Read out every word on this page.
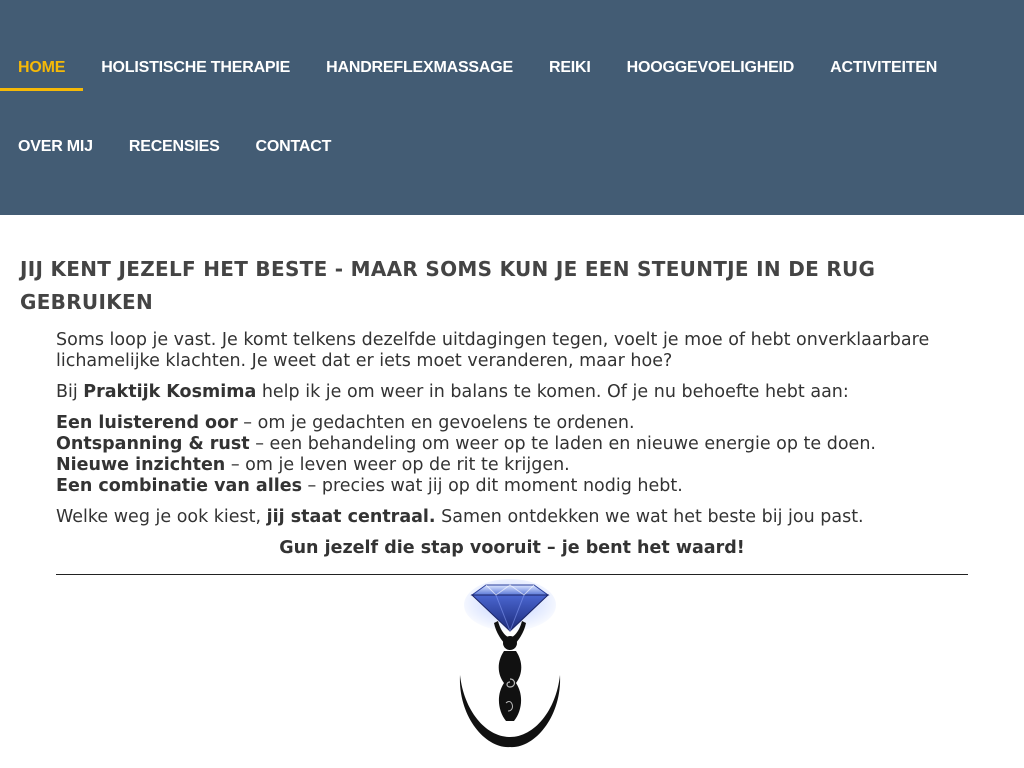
HOME	HOLISTISCHE THERAPIE	HANDREFLEXMASSAGE	REIKI	HOOGGEVOELIGHEID	ACTIVITEITEN
OVER MIJ	RECENSIES	CONTACT
JIJ KENT JEZELF HET BESTE - MAAR SOMS KUN JE EEN STEUNTJE IN DE RUG GEBRUIKEN

Soms loop je vast. Je komt telkens dezelfde uitdagingen tegen, voelt je moe of hebt onverklaarbare lichamelijke klachten. Je weet dat er iets moet veranderen, maar hoe?

Bij Praktijk Kosmima help ik je om weer in balans te komen. Of je nu behoefte hebt aan:

Een luisterend oor – om je gedachten en gevoelens te ordenen.
Ontspanning & rust – een behandeling om weer op te laden en nieuwe energie op te doen.
Nieuwe inzichten – om je leven weer op de rit te krijgen.
Een combinatie van alles – precies wat jij op dit moment nodig hebt.

Welke weg je ook kiest, jij staat centraal. Samen ontdekken we wat het beste bij jou past.

Gun jezelf die stap vooruit – je bent het waard!
